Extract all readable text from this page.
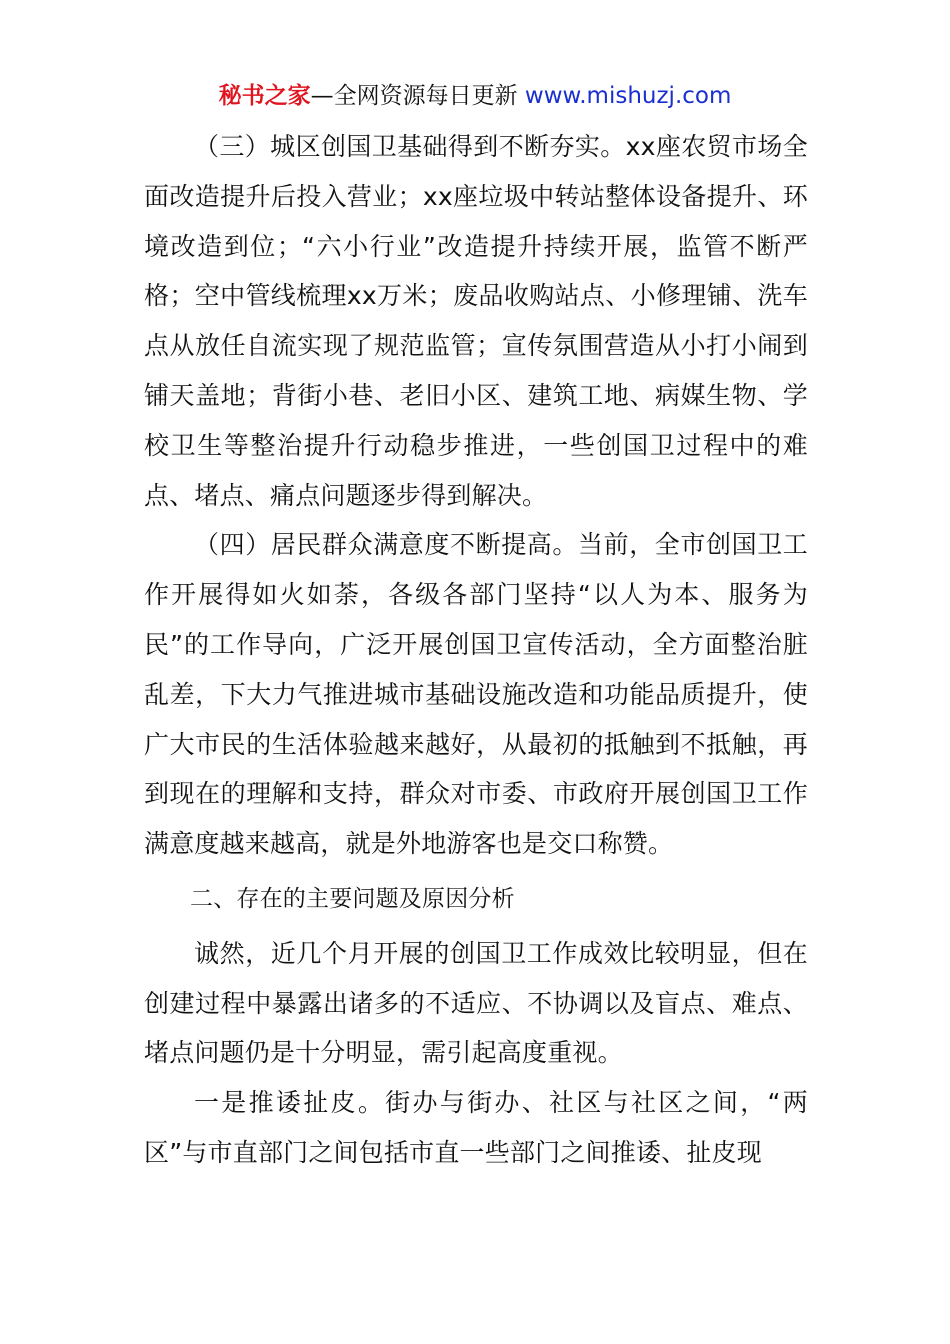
秘书之家—全网资源每日更新 www.mishuzj.com

（三）城区创国卫基础得到不断夯实。xx座农贸市场全面改造提升后投入营业；xx座垃圾中转站整体设备提升、环境改造到位；“六小行业”改造提升持续开展，监管不断严格；空中管线梳理xx万米；废品收购站点、小修理铺、洗车点从放任自流实现了规范监管；宣传氛围营造从小打小闹到铺天盖地；背街小巷、老旧小区、建筑工地、病媒生物、学校卫生等整治提升行动稳步推进，一些创国卫过程中的难点、堵点、痛点问题逐步得到解决。

（四）居民群众满意度不断提高。当前，全市创国卫工作开展得如火如荼，各级各部门坚持“以人为本、服务为民”的工作导向，广泛开展创国卫宣传活动，全方面整治脏乱差，下大力气推进城市基础设施改造和功能品质提升，使广大市民的生活体验越来越好，从最初的抵触到不抵触，再到现在的理解和支持，群众对市委、市政府开展创国卫工作满意度越来越高，就是外地游客也是交口称赞。

二、存在的主要问题及原因分析

诚然，近几个月开展的创国卫工作成效比较明显，但在创建过程中暴露出诸多的不适应、不协调以及盲点、难点、堵点问题仍是十分明显，需引起高度重视。

一是推诿扯皮。街办与街办、社区与社区之间，“两区”与市直部门之间包括市直一些部门之间推诿、扯皮现
